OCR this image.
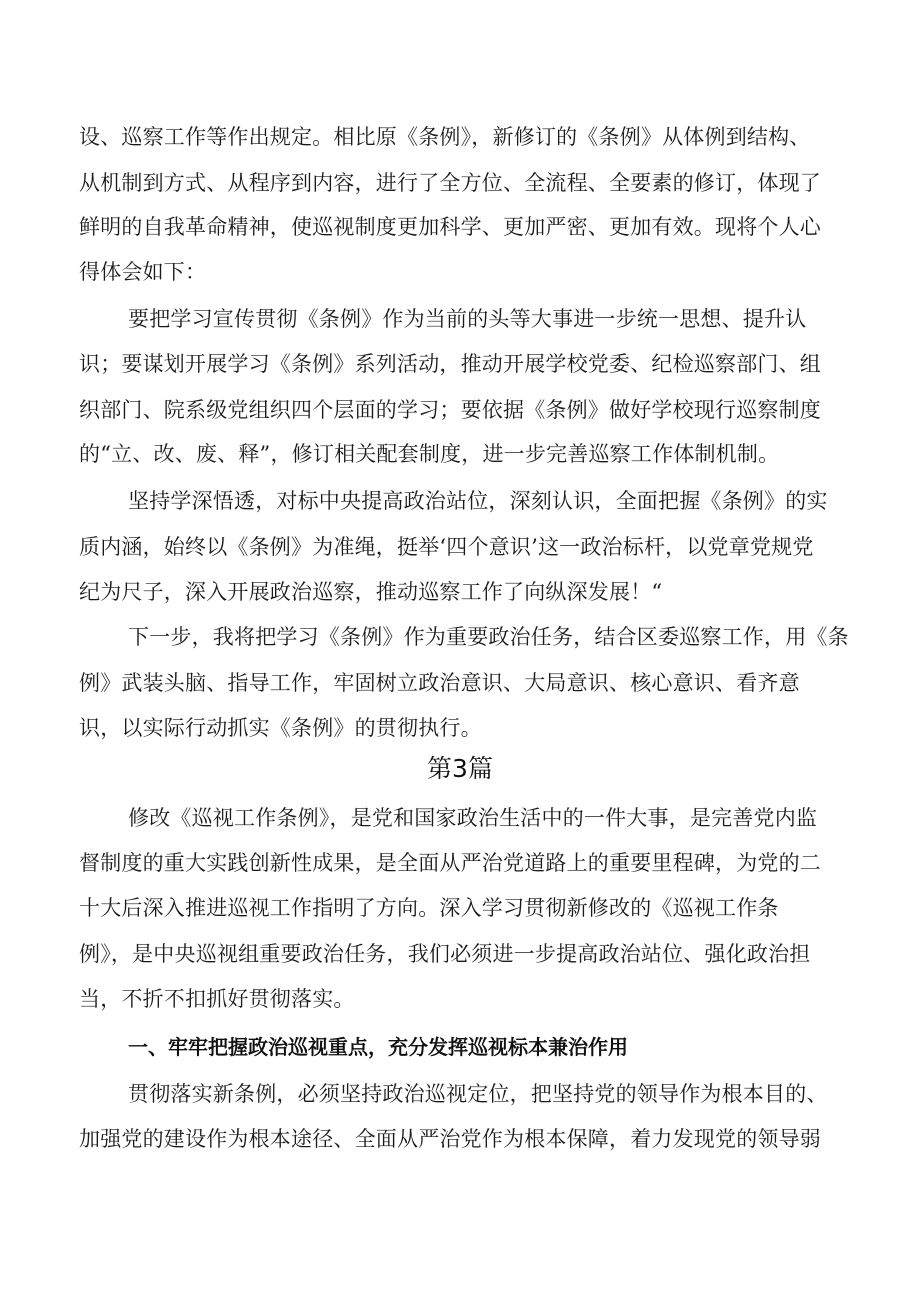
设、巡察工作等作出规定。相比原《条例》，新修订的《条例》从体例到结构、
从机制到方式、从程序到内容，进行了全方位、全流程、全要素的修订，体现了
鲜明的自我革命精神，使巡视制度更加科学、更加严密、更加有效。现将个人心
得体会如下：
要把学习宣传贯彻《条例》作为当前的头等大事进一步统一思想、提升认
识；要谋划开展学习《条例》系列活动，推动开展学校党委、纪检巡察部门、组
织部门、院系级党组织四个层面的学习；要依据《条例》做好学校现行巡察制度
的“立、改、废、释”，修订相关配套制度，进一步完善巡察工作体制机制。
坚持学深悟透，对标中央提高政治站位，深刻认识，全面把握《条例》的实
质内涵，始终以《条例》为准绳，挺举‘四个意识’这一政治标杆，以党章党规党
纪为尺子，深入开展政治巡察，推动巡察工作了向纵深发展！“
下一步，我将把学习《条例》作为重要政治任务，结合区委巡察工作，用《条
例》武装头脑、指导工作，牢固树立政治意识、大局意识、核心意识、看齐意
识，以实际行动抓实《条例》的贯彻执行。
第3篇
修改《巡视工作条例》，是党和国家政治生活中的一件大事，是完善党内监
督制度的重大实践创新性成果，是全面从严治党道路上的重要里程碑，为党的二
十大后深入推进巡视工作指明了方向。深入学习贯彻新修改的《巡视工作条
例》，是中央巡视组重要政治任务，我们必须进一步提高政治站位、强化政治担
当，不折不扣抓好贯彻落实。
一、牢牢把握政治巡视重点，充分发挥巡视标本兼治作用
贯彻落实新条例，必须坚持政治巡视定位，把坚持党的领导作为根本目的、
加强党的建设作为根本途径、全面从严治党作为根本保障，着力发现党的领导弱
